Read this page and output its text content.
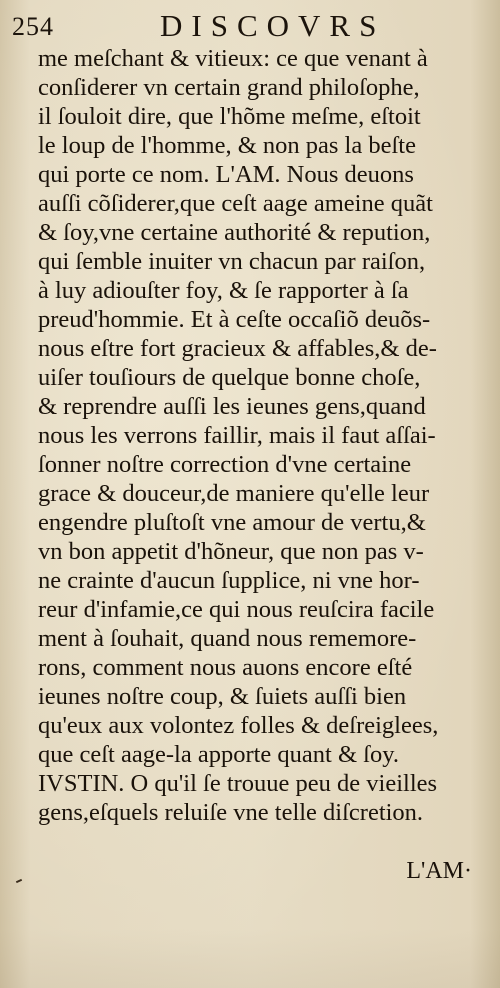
254	DISCOVRS
me meſchant & vitieux: ce que venant à
conſiderer vn certain grand philoſophe,
il ſouloit dire, que l'hõme meſme, eſtoit
le loup de l'homme, & non pas la beſte
qui porte ce nom. L'AM. Nous deuons
auſſi cõſiderer,que ceſt aage ameine quãt
& ſoy,vne certaine authorité & repution,
qui ſemble inuiter vn chacun par raiſon,
à luy adiouſter foy, & ſe rapporter à ſa
preud'hommie. Et à ceſte occaſiõ deuõs-
nous eſtre fort gracieux & affables,& de-
uiſer touſiours de quelque bonne choſe,
& reprendre auſſi les ieunes gens,quand
nous les verrons faillir, mais il faut aſſai-
ſonner noſtre correction d'vne certaine
grace & douceur,de maniere qu'elle leur
engendre pluſtoſt vne amour de vertu,&
vn bon appetit d'hõneur, que non pas v-
ne crainte d'aucun ſupplice, ni vne hor-
reur d'infamie,ce qui nous reuſcira facile
ment à ſouhait, quand nous rememore-
rons, comment nous auons encore eſté
ieunes noſtre coup, & ſuiets auſſi bien
qu'eux aux volontez folles & deſreiglees,
que ceſt aage-la apporte quant & ſoy.
IVSTIN. O qu'il ſe trouue peu de vieilles
gens,eſquels reluiſe vne telle diſcretion.
L'AM·
